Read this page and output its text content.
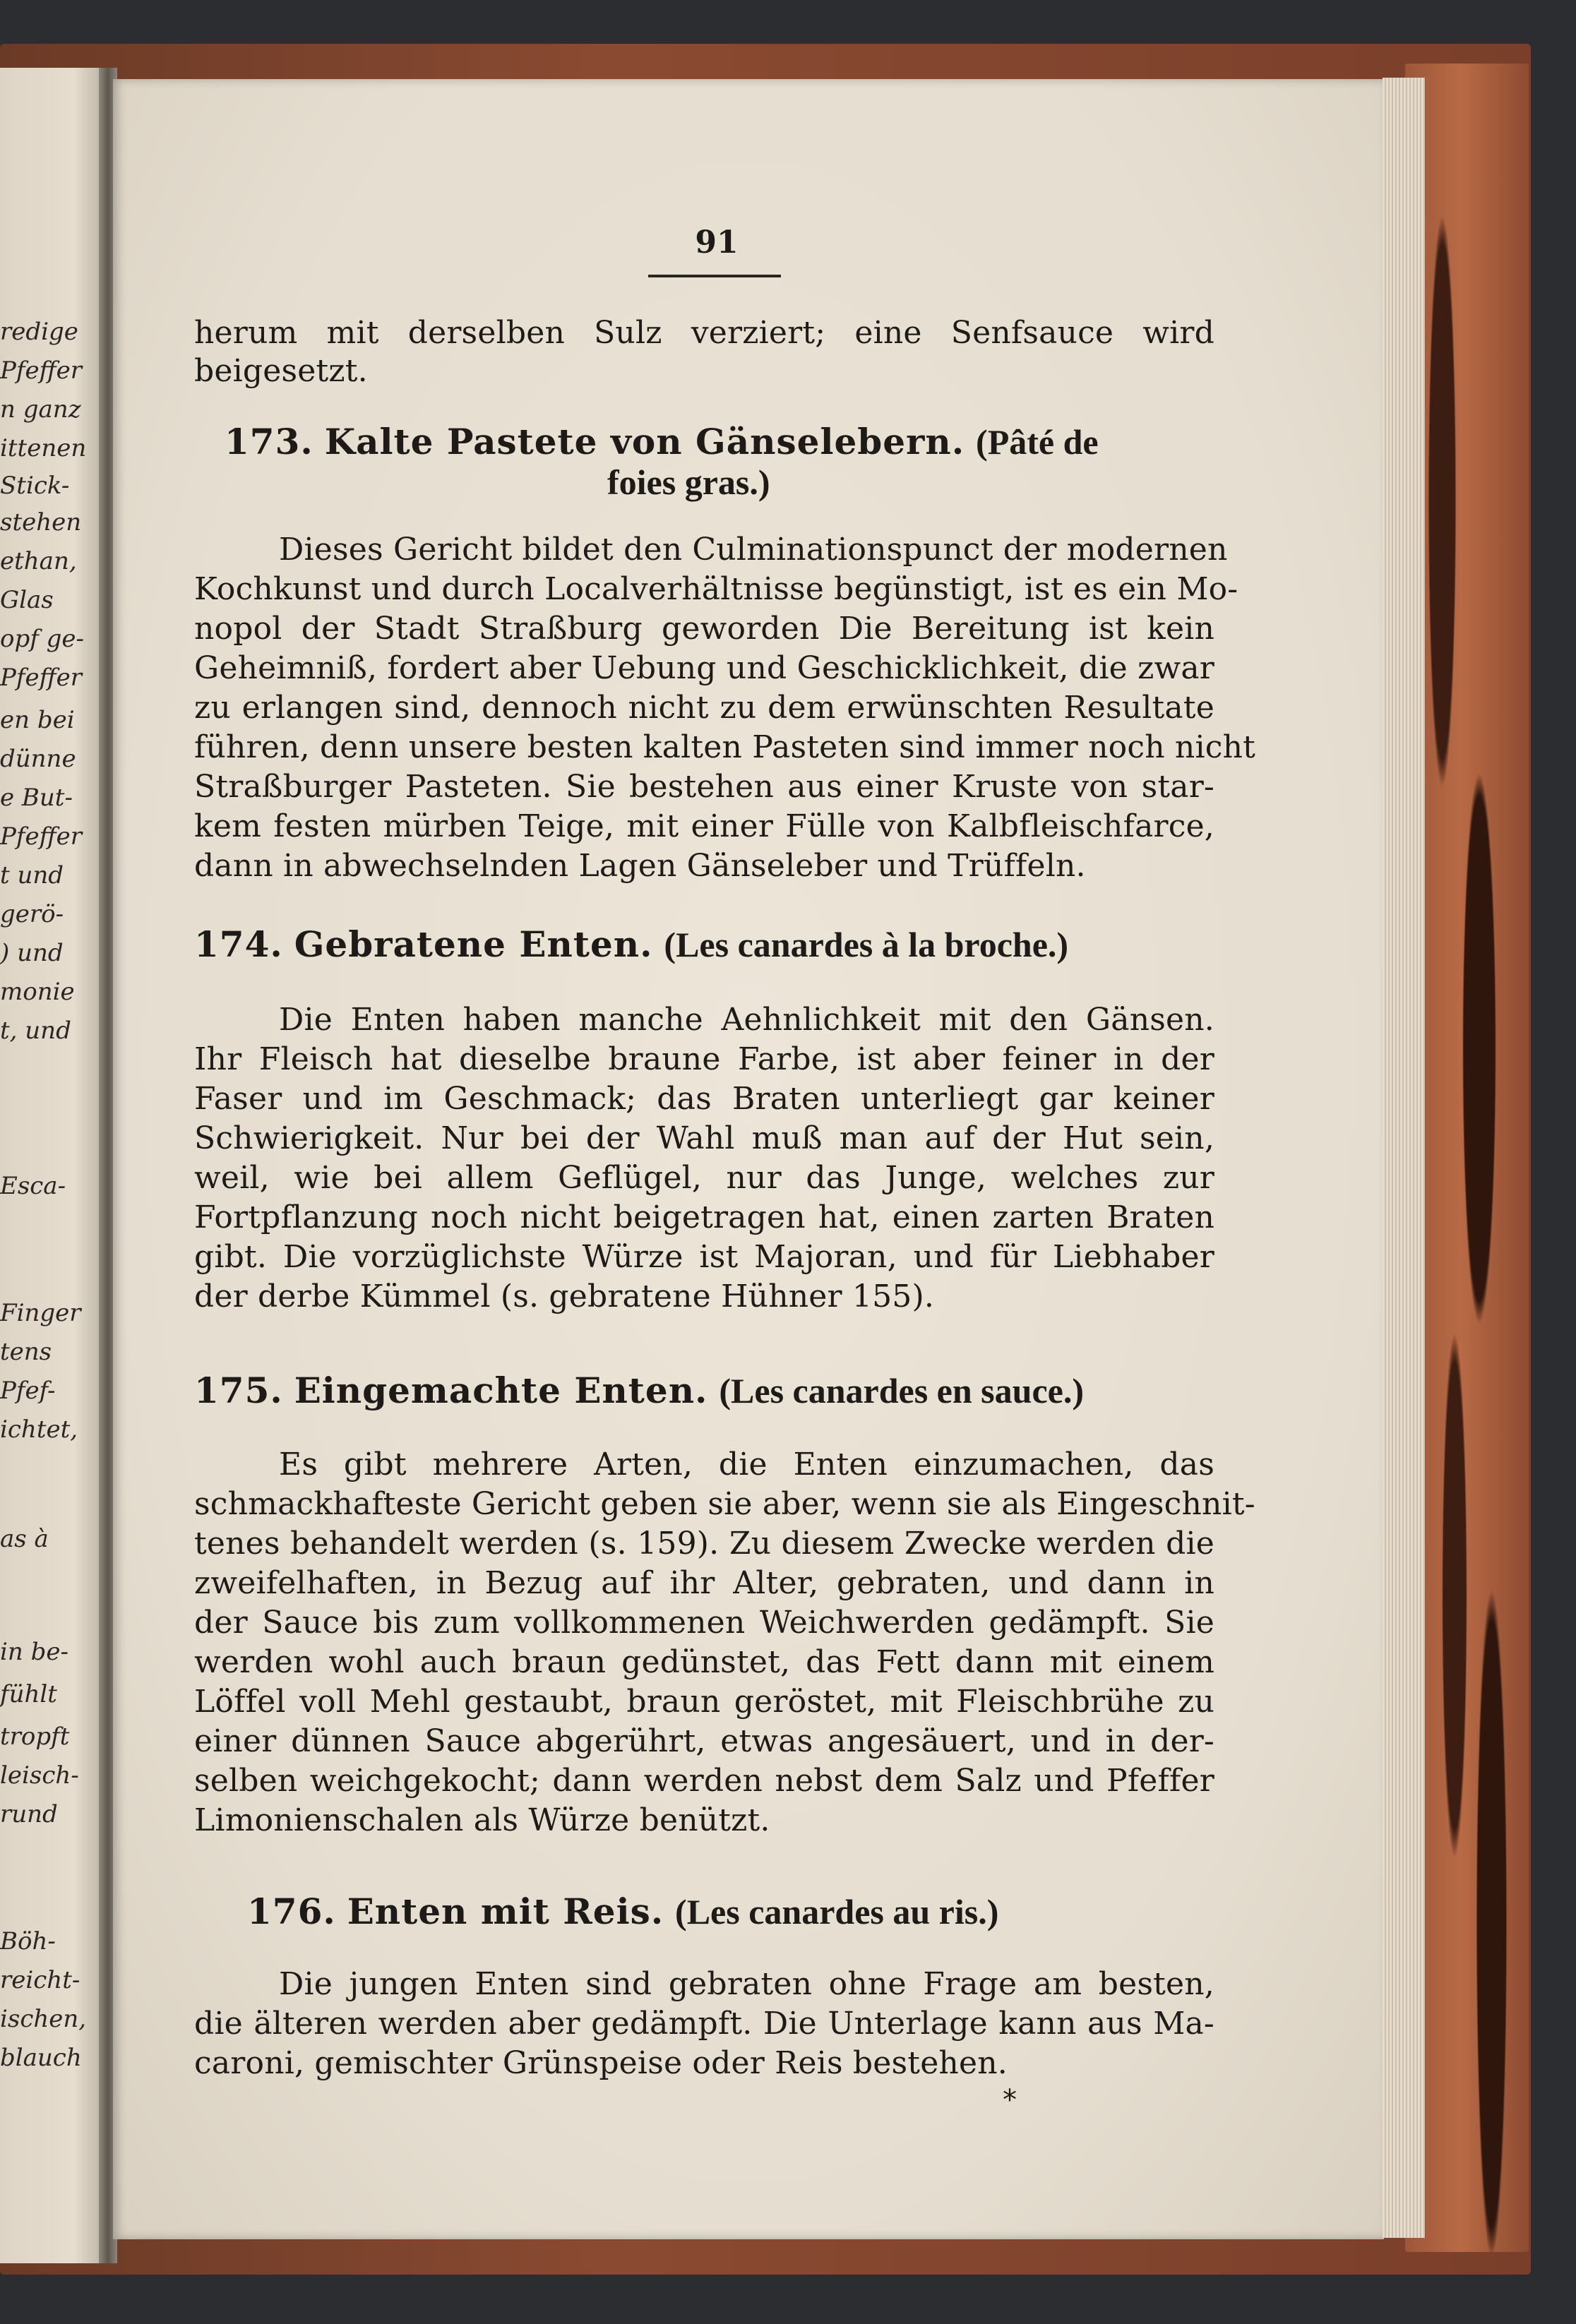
redige
Pfeffer
n ganz
ittenen
Stick-
stehen
ethan,
Glas
opf ge-
Pfeffer
en bei
dünne
e But-
Pfeffer
t und
gerö-
) und
monie
t, und
Esca-
Finger
tens
Pfef-
ichtet,
as à
in be-
fühlt
tropft
leisch-
rund
Böh-
reicht-
ischen,
blauch
91
herum mit derselben Sulz verziert; eine Senfsauce wird
beigesetzt.
173. Kalte Pastete von Gänselebern. (Pâté de
foies gras.)
Dieses Gericht bildet den Culminationspunct der modernen
Kochkunst und durch Localverhältnisse begünstigt, ist es ein Mo-
nopol der Stadt Straßburg geworden Die Bereitung ist kein
Geheimniß, fordert aber Uebung und Geschicklichkeit, die zwar
zu erlangen sind, dennoch nicht zu dem erwünschten Resultate
führen, denn unsere besten kalten Pasteten sind immer noch nicht
Straßburger Pasteten. Sie bestehen aus einer Kruste von star-
kem festen mürben Teige, mit einer Fülle von Kalbfleischfarce,
dann in abwechselnden Lagen Gänseleber und Trüffeln.
174. Gebratene Enten. (Les canardes à la broche.)
Die Enten haben manche Aehnlichkeit mit den Gänsen.
Ihr Fleisch hat dieselbe braune Farbe, ist aber feiner in der
Faser und im Geschmack; das Braten unterliegt gar keiner
Schwierigkeit. Nur bei der Wahl muß man auf der Hut sein,
weil, wie bei allem Geflügel, nur das Junge, welches zur
Fortpflanzung noch nicht beigetragen hat, einen zarten Braten
gibt. Die vorzüglichste Würze ist Majoran, und für Liebhaber
der derbe Kümmel (s. gebratene Hühner 155).
175. Eingemachte Enten. (Les canardes en sauce.)
Es gibt mehrere Arten, die Enten einzumachen, das
schmackhafteste Gericht geben sie aber, wenn sie als Eingeschnit-
tenes behandelt werden (s. 159). Zu diesem Zwecke werden die
zweifelhaften, in Bezug auf ihr Alter, gebraten, und dann in
der Sauce bis zum vollkommenen Weichwerden gedämpft. Sie
werden wohl auch braun gedünstet, das Fett dann mit einem
Löffel voll Mehl gestaubt, braun geröstet, mit Fleischbrühe zu
einer dünnen Sauce abgerührt, etwas angesäuert, und in der-
selben weichgekocht; dann werden nebst dem Salz und Pfeffer
Limonienschalen als Würze benützt.
176. Enten mit Reis. (Les canardes au ris.)
Die jungen Enten sind gebraten ohne Frage am besten,
die älteren werden aber gedämpft. Die Unterlage kann aus Ma-
caroni, gemischter Grünspeise oder Reis bestehen.
*
